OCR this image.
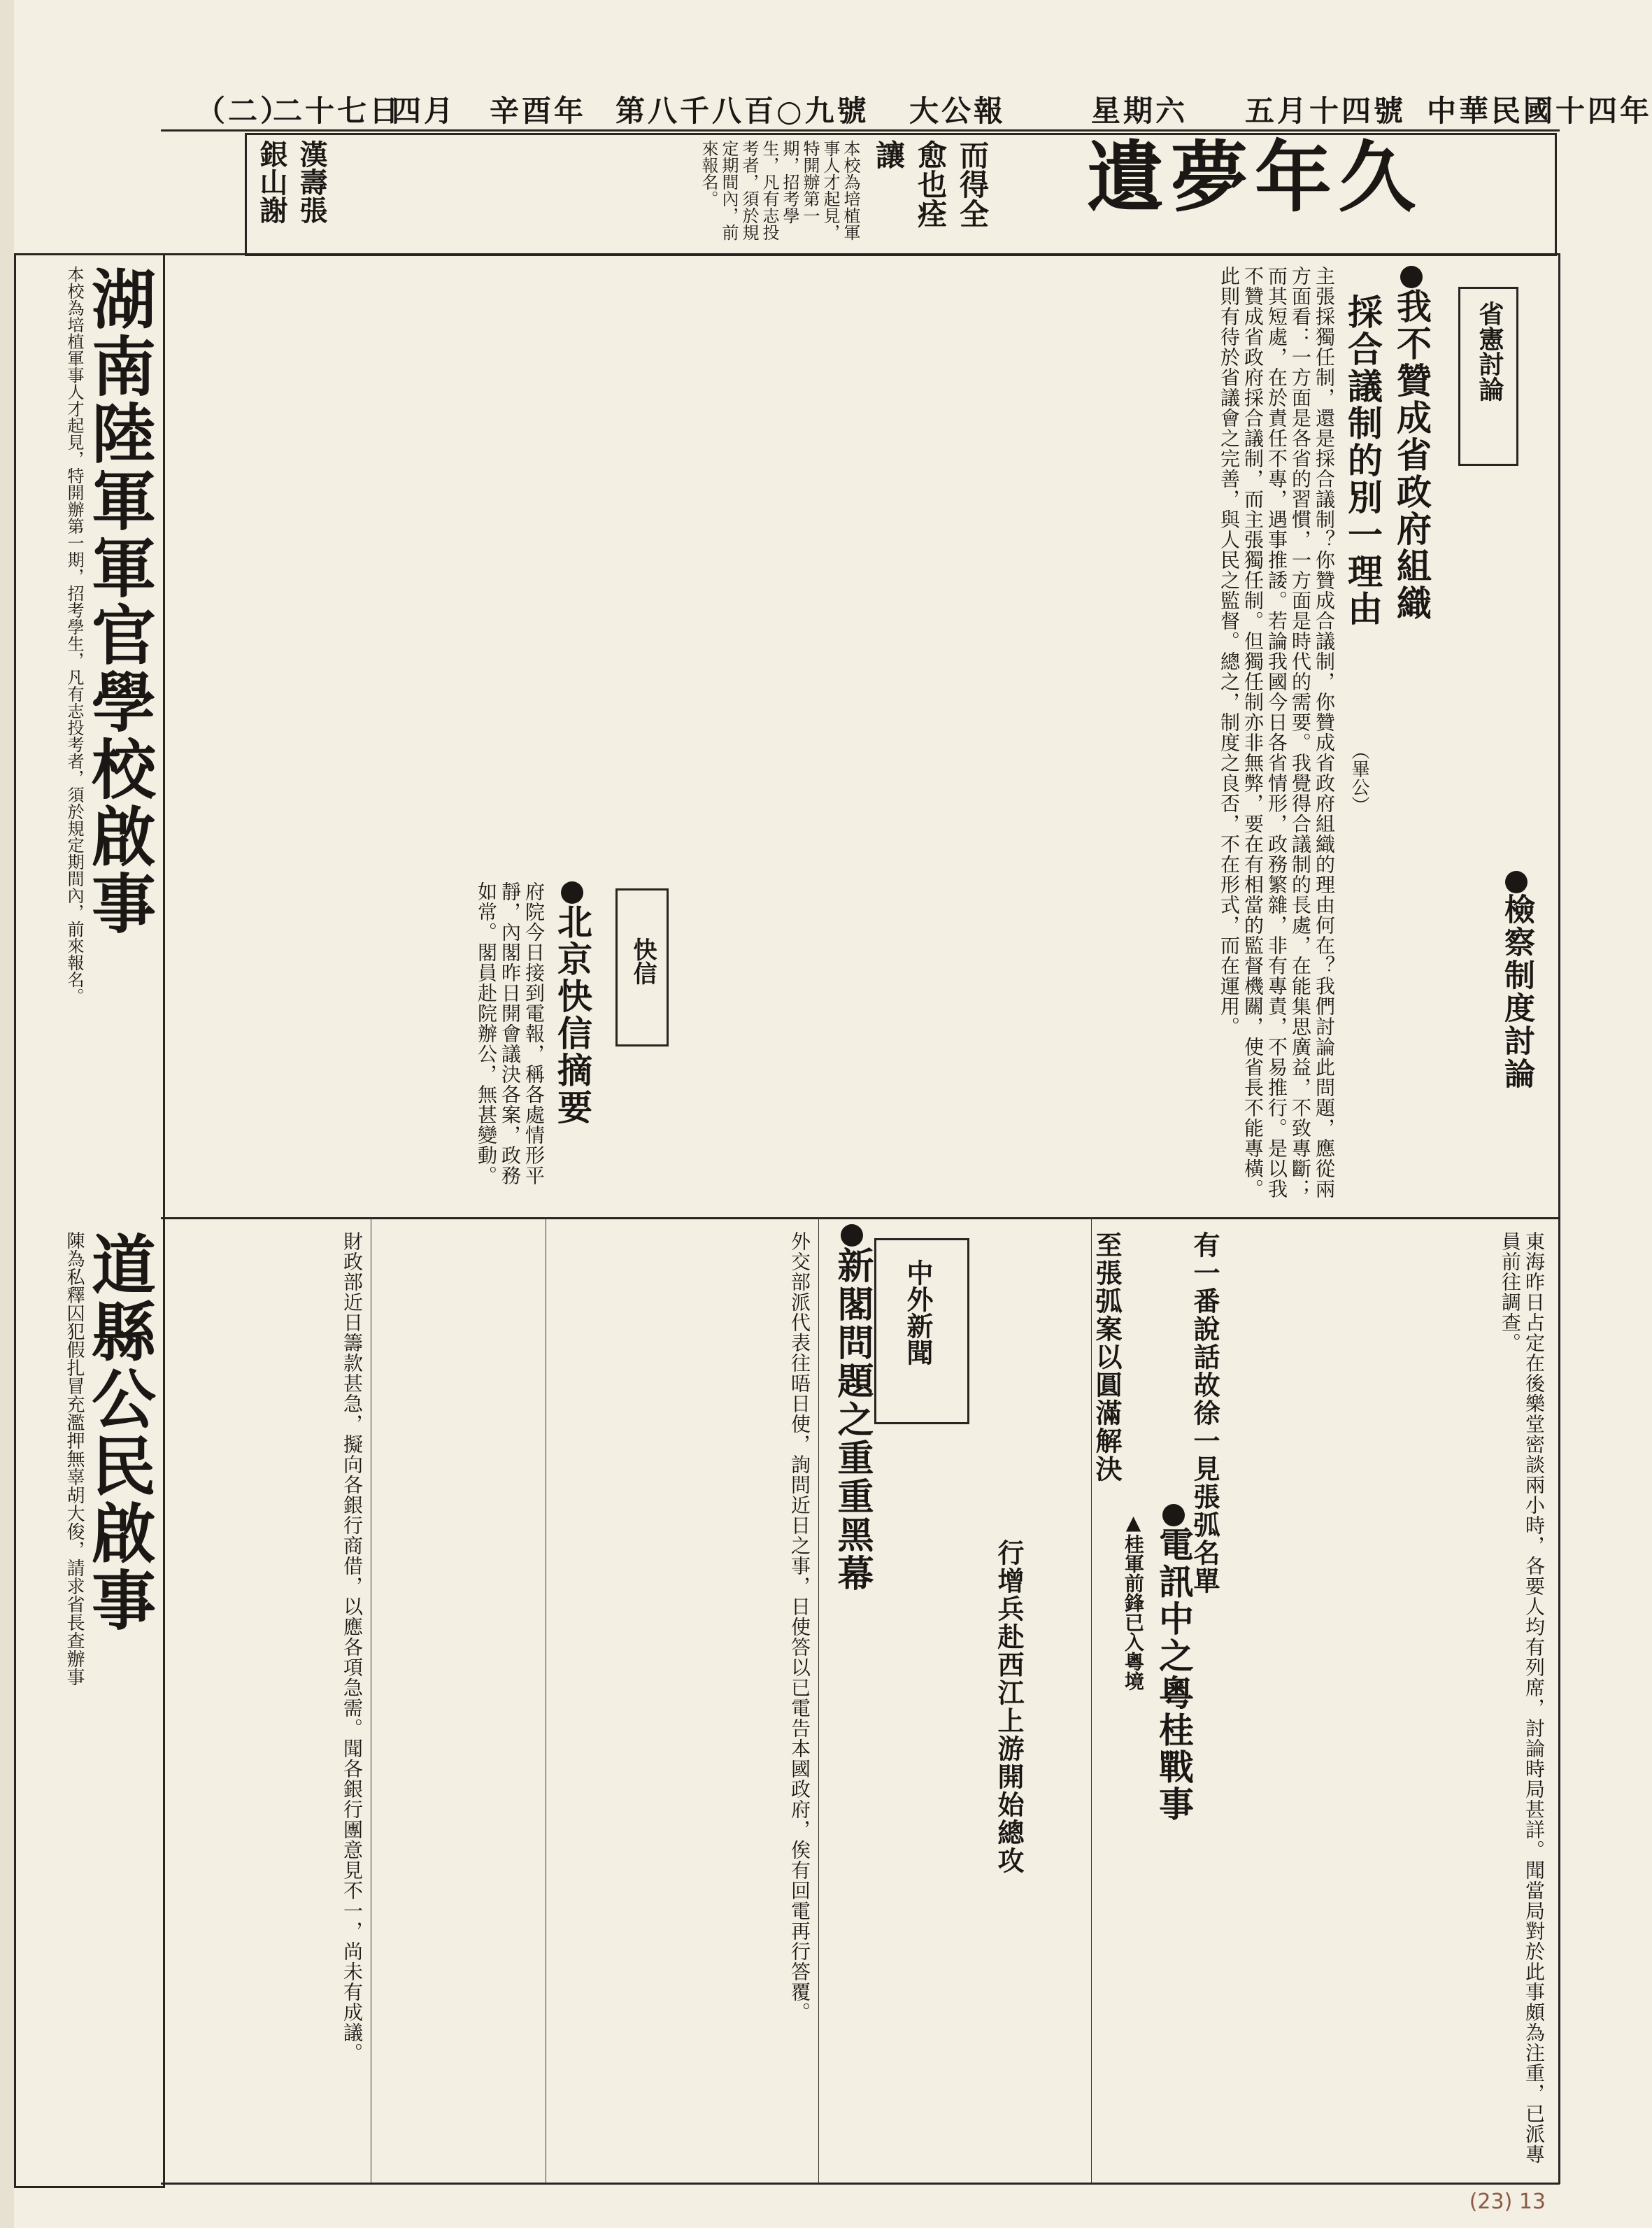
（二）
二十七日
四月 辛酉年 第八千八百○九號 大公報	星期六 五月十四號 中華民國十四年
久年夢遺
而得全
愈也痊
讓
漢壽張 銀山謝	本校為培植軍事人才起見，特開辦第一期，招考學生，凡有志投考者，須於規定期間內，前來報名。
湖南陸軍軍官學校啟事
本校為培植軍事人才起見，特開辦第一期，招考學生，凡有志投考者，須於規定期間內，前來報名。
道縣公民啟事
陳為私釋囚犯假扎冒充濫押無辜胡大俊，請求省長查辦事
省憲討論
我不贊成省政府組織
採合議制的別一理由
（畢公）
主張採獨任制，還是採合議制？你贊成合議制，你贊成省政府組織的理由何在？我們討論此問題，應從兩方面看：一方面是各省的習慣，一方面是時代的需要。我覺得合議制的長處，在能集思廣益，不致專斷；而其短處，在於責任不專，遇事推諉。若論我國今日各省情形，政務繁雜，非有專責，不易推行。是以我不贊成省政府採合議制，而主張獨任制。但獨任制亦非無弊，要在有相當的監督機關，使省長不能專橫。此則有待於省議會之完善，與人民之監督。總之，制度之良否，不在形式，而在運用。	檢察制度討論
快信
北京快信摘要
府院今日接到電報，稱各處情形平靜，內閣昨日開會議決各案，政務如常。閣員赴院辦公，無甚變動。
中外新聞
新閣問題之重重黑幕
電訊中之粵桂戰事
▲桂軍前鋒已入粵境
行增兵赴西江上游開始總攻
至張弧案以圓滿解決	有一番說話故徐一見張弧名單	東海昨日占定在後樂堂密談兩小時，各要人均有列席，討論時局甚詳。聞當局對於此事頗為注重，已派專員前往調查。
外交部派代表往晤日使，詢問近日之事，日使答以已電告本國政府，俟有回電再行答覆。
財政部近日籌款甚急，擬向各銀行商借，以應各項急需。聞各銀行團意見不一，尚未有成議。
(23) 13
